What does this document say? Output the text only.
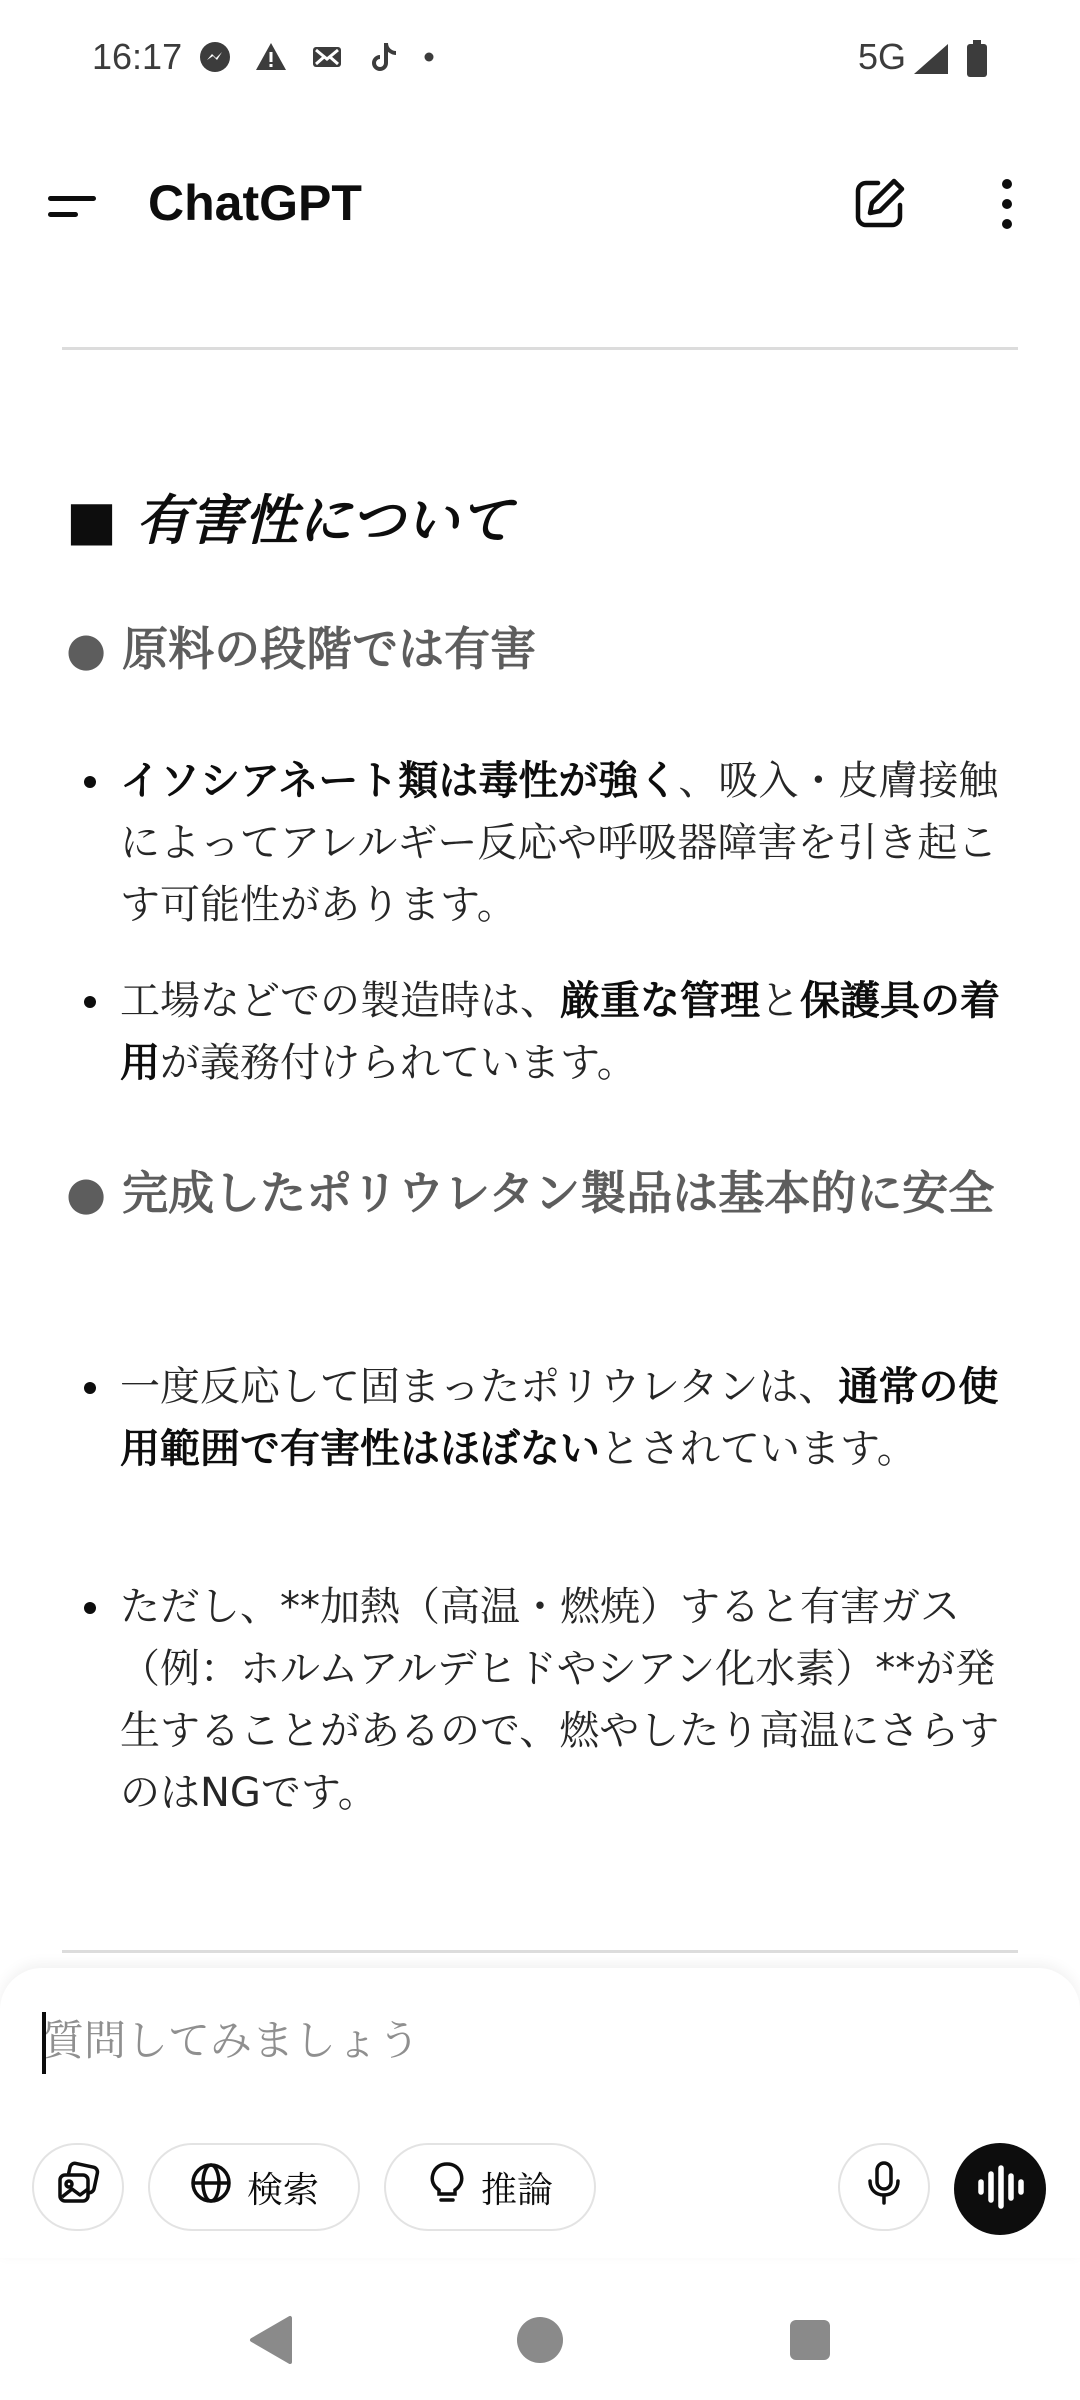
16:17	5G
ChatGPT
■ 有害性について
● 原料の段階では有害
イソシアネート類は毒性が強く、吸入・皮膚接触によってアレルギー反応や呼吸器障害を引き起こす可能性があります。
工場などでの製造時は、厳重な管理と保護具の着用が義務付けられています。
● 完成したポリウレタン製品は基本的に安全
一度反応して固まったポリウレタンは、通常の使用範囲で有害性はほぼないとされています。
ただし、**加熱（高温・燃焼）すると有害ガス（例：ホルムアルデヒドやシアン化水素）**が発生することがあるので、燃やしたり高温にさらすのはNGです。
質問してみましょう
検索	推論
